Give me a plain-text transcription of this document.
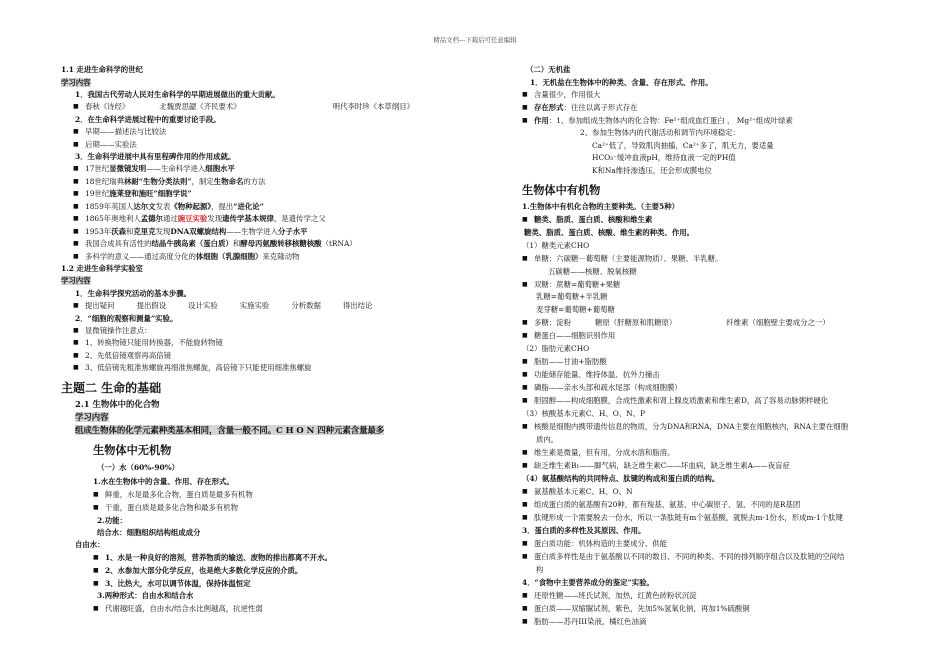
精品文档---下载后可任意编辑
1.1 走进生命科学的世纪
学习内容
1．我国古代劳动人民对生命科学的早期进展做出的重大贡献。
■ 春秋《诗经》	北魏贾思勰《齐民要术》	明代李时珍《本草纲目》
2．在生命科学进展过程中的重要讨论手段。
■ 早期——描述法与比较法
■ 后期——实验法
3．生命科学进展中具有里程碑作用的作用成就。
■ 17世纪显微镜发明——生命科学进入细胞水平
■ 18世纪瑞典林耐“生物分类法则”，制定生物命名的方法
■ 19世纪施莱登和施旺“细胞学说”
■ 1859年英国人达尔文发表《物种起源》，提出“进化论”
■ 1865年奥地利人孟德尔通过豌豆实验发现遗传学基本规律，是遗传学之父
■ 1953年沃森和克里克发现DNA双螺旋结构——生物学进入分子水平
■ 我国合成具有活性的结晶牛胰岛素（蛋白质）和酵母丙氨酸转移核糖核酸（tRNA）
■ 多科学的意义——通过高度分化的体细胞（乳腺细胞）来克隆动物
1.2 走进生命科学实验室
学习内容
1．生命科学探究活动的基本步骤。
■ 提出疑问	提出假设	设计实验	实施实验	分析数据	得出结论
2．“细胞的观察和测量”实验。
■ 显微镜操作注意点：
■ 1、转换物镜只能用转换器，不能旋转物镜
■ 2、先低倍镜观察再高倍镜
■ 3、低倍镜先粗准焦螺旋再细准焦螺旋，高倍镜下只能使用细准焦螺旋
主题二 生命的基础
2.1 生物体中的化合物
学习内容
组成生物体的化学元素种类基本相同，含量一般不同。C H O N 四种元素含量最多
生物体中无机物
（一）水（60%-90%）
1.水在生物体中的含量、作用、存在形式。
■ 鲜重，水是最多化合物，蛋白质是最多有机物
■ 干重，蛋白质是最多化合物和最多有机物
2.功能：
结合水：细胞组织结构组成成分
自由水：
■ 1、水是一种良好的溶剂，营养物质的输送、废物的排出都离不开水。
■ 2、水参加大部分化学反应，也是绝大多数化学反应的介质。
■ 3、比热大，水可以调节体温，保持体温恒定
3.两种形式：自由水和结合水
■ 代谢越旺盛，自由水/结合水比例越高，抗逆性弱
（二）无机盐
1．无机盐在生物体中的种类、含量、存在形式、作用。
■ 含量很少，作用很大
■ 存在形式：往往以离子形式存在
■ 作用：1、参加组成生物体内的化合物：Fe²⁺组成血红蛋白 ， Mg²⁺组成叶绿素
2、参加生物体内的代谢活动和调节内环境稳定：
Ca²⁺低了，导致肌肉抽搐，Ca²⁺多了，肌无力，要适量
HCO₃⁻缓冲血液pH，维持血液一定的PH值
K和Na维持渗透压，还会形成膜电位
生物体中有机物
1.生物体中有机化合物的主要种类。（主要5种）
■ 糖类、脂质、蛋白质、核酸和维生素
糖类、脂质、蛋白质、核酸、维生素的种类、作用。
（1）糖类元素CHO
■ 单糖：六碳糖－葡萄糖（主要能源物质）、果糖、半乳糖。
五碳糖——核糖、脱氧核糖
■ 双糖：蔗糖=葡萄糖+果糖
乳糖=葡萄糖+半乳糖
麦芽糖=葡萄糖+葡萄糖
■ 多糖：淀粉	糖原（肝糖原和肌糖原）	纤维素（细胞壁主要成分之一）
■ 糖蛋白——细胞识别作用
（2）脂肪元素CHO
■ 脂肪——甘油+脂肪酸
■ 功能储存能量、维持体温、抗外力撞击
■ 磷脂——亲水头部和疏水尾部（构成细胞膜）
■ 胆固醇——构成细胞膜，合成性激素和肾上腺皮质激素和维生素D，高了容易动脉粥样硬化
（3）核酸基本元素C、H、O、N、P
■ 核酸是细胞内携带遗传信息的物质，分为DNA和RNA，DNA主要在细胞核内，RNA主要在细胞
质内。
■ 维生素是微量，但有用，分成水溶和脂溶。
■ 缺乏维生素B₁——脚气病，缺乏维生素C——坏血病，缺乏维生素A——夜盲症
（4）氨基酸结构的共同特点、肽键的构成和蛋白质的结构。
■ 氨基酸基本元素C、H、O、N
■ 组成蛋白质的氨基酸有20种，都有羧基、氨基、中心碳原子、氢，不同的是R基团
■ 肽键形成一个需要脱去一份水，所以一条肽链有m个氨基酸，就脱去m-1份水，形成m-1个肽键
3．蛋白质的多样性及其原因、作用。
■ 蛋白质功能：机体构造的主要成分、供能
■ 蛋白质多样性是由于氨基酸以不同的数目、不同的种类、不同的排列顺序组合以及肽链的空间结
构
4．“食物中主要营养成分的鉴定”实验。
■ 还原性糖——班氏试剂，加热，红黄色砖粉状沉淀
■ 蛋白质——双缩脲试剂，紫色，先加5%氢氧化钠，再加1%硫酸铜
■ 脂肪——苏丹III染液，橘红色油滴
